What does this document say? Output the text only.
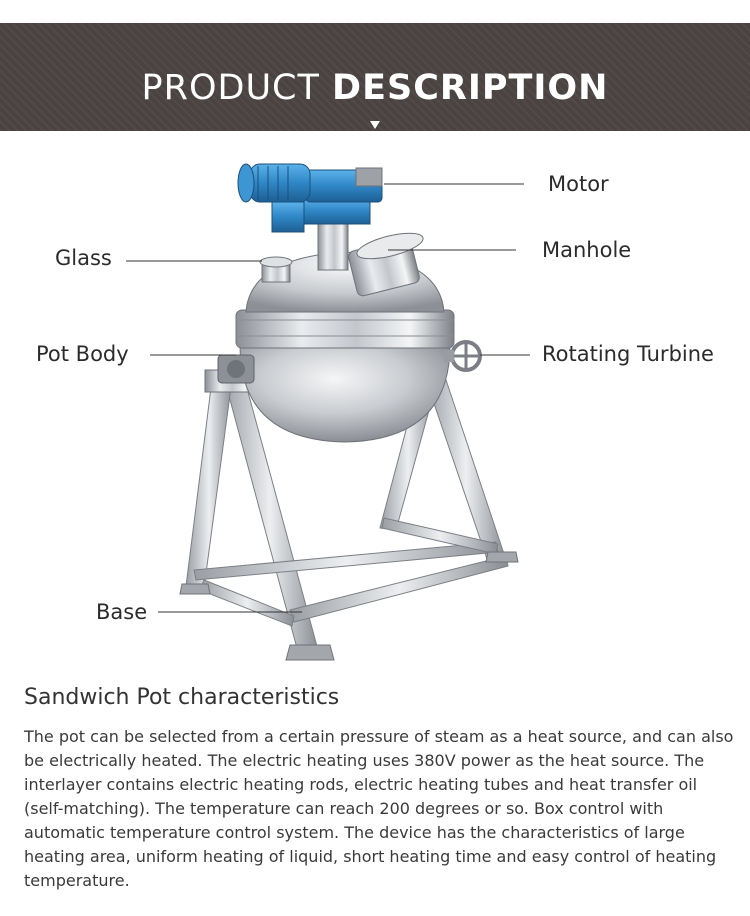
PRODUCT DESCRIPTION
Motor
Glass	Manhole
Pot Body	Rotating Turbine
Base
Sandwich Pot characteristics
The pot can be selected from a certain pressure of steam as a heat source, and can also be electrically heated. The electric heating uses 380V power as the heat source. The interlayer contains electric heating rods, electric heating tubes and heat transfer oil (self-matching). The temperature can reach 200 degrees or so. Box control with automatic temperature control system. The device has the characteristics of large heating area, uniform heating of liquid, short heating time and easy control of heating temperature.
